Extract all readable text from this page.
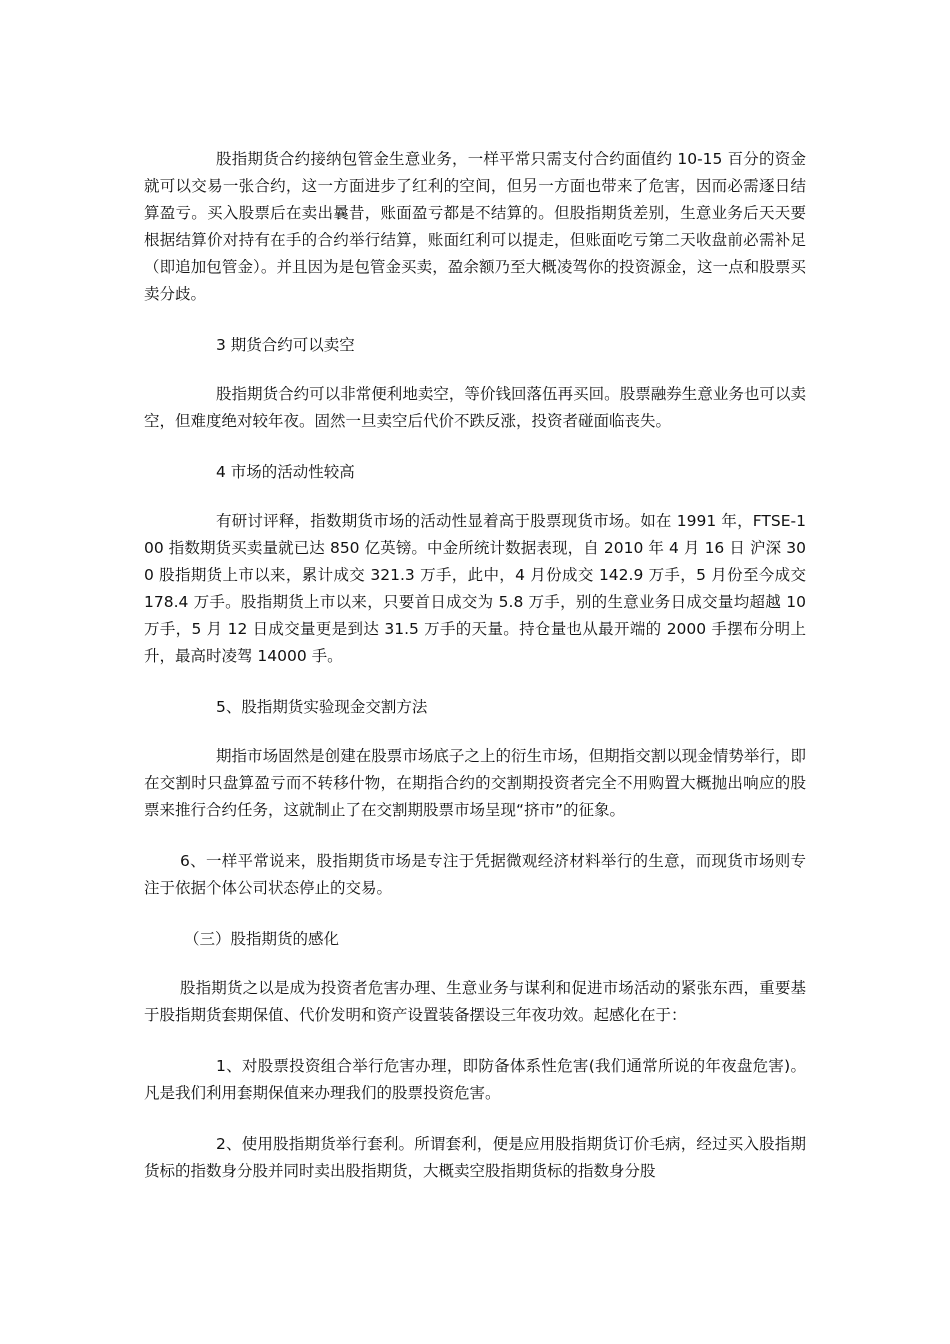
股指期货合约接纳包管金生意业务，一样平常只需支付合约面值约 10-15 百分的资金就可以交易一张合约，这一方面进步了红利的空间，但另一方面也带来了危害，因而必需逐日结算盈亏。买入股票后在卖出曩昔，账面盈亏都是不结算的。但股指期货差别，生意业务后天天要根据结算价对持有在手的合约举行结算，账面红利可以提走，但账面吃亏第二天收盘前必需补足（即追加包管金）。并且因为是包管金买卖，盈余额乃至大概凌驾你的投资源金，这一点和股票买卖分歧。

3 期货合约可以卖空

股指期货合约可以非常便利地卖空，等价钱回落伍再买回。股票融券生意业务也可以卖空，但难度绝对较年夜。固然一旦卖空后代价不跌反涨，投资者碰面临丧失。

4 市场的活动性较高

有研讨评释，指数期货市场的活动性显着高于股票现货市场。如在 1991 年，FTSE-100 指数期货买卖量就已达 850 亿英镑。中金所统计数据表现，自 2010 年 4 月 16 日 沪深 300 股指期货上市以来，累计成交 321.3 万手，此中，4 月份成交 142.9 万手，5 月份至今成交 178.4 万手。股指期货上市以来，只要首日成交为 5.8 万手，别的生意业务日成交量均超越 10 万手，5 月 12 日成交量更是到达 31.5 万手的天量。持仓量也从最开端的 2000 手摆布分明上升，最高时凌驾 14000 手。

5、股指期货实验现金交割方法

期指市场固然是创建在股票市场底子之上的衍生市场，但期指交割以现金情势举行，即在交割时只盘算盈亏而不转移什物，在期指合约的交割期投资者完全不用购置大概抛出响应的股票来推行合约任务，这就制止了在交割期股票市场呈现“挤市”的征象。

6、一样平常说来，股指期货市场是专注于凭据微观经济材料举行的生意，而现货市场则专注于依据个体公司状态停止的交易。

（三）股指期货的感化

股指期货之以是成为投资者危害办理、生意业务与谋利和促进市场活动的紧张东西，重要基于股指期货套期保值、代价发明和资产设置装备摆设三年夜功效。起感化在于：

1、对股票投资组合举行危害办理，即防备体系性危害(我们通常所说的年夜盘危害)。凡是我们利用套期保值来办理我们的股票投资危害。

2、使用股指期货举行套利。所谓套利，便是应用股指期货订价毛病，经过买入股指期货标的指数身分股并同时卖出股指期货，大概卖空股指期货标的指数身分股
